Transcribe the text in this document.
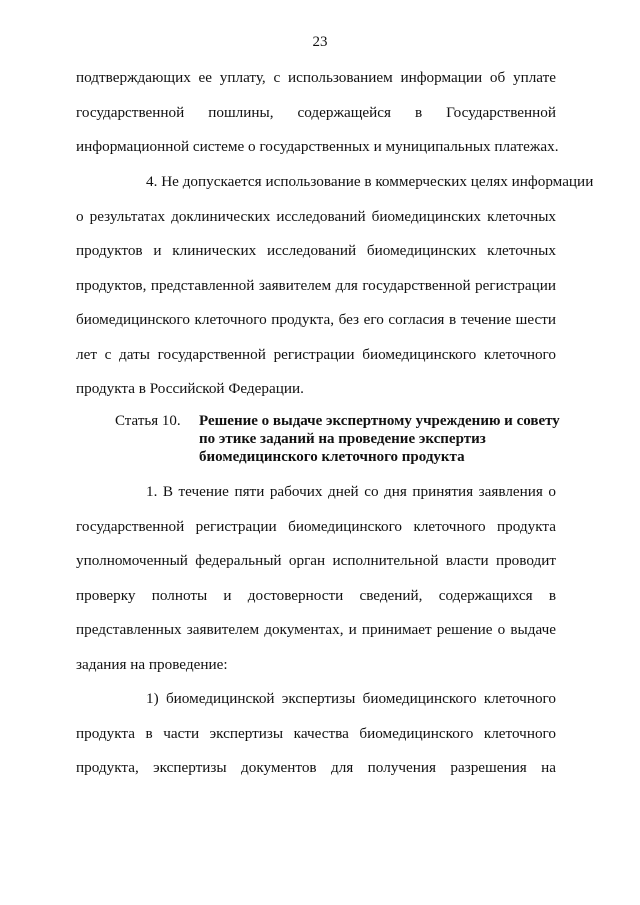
23
подтверждающих ее уплату, с использованием информации об уплате
государственной пошлины, содержащейся в Государственной
информационной системе о государственных и муниципальных платежах.
4. Не допускается использование в коммерческих целях информации
о результатах доклинических исследований биомедицинских клеточных
продуктов и клинических исследований биомедицинских клеточных
продуктов, представленной заявителем для государственной регистрации
биомедицинского клеточного продукта, без его согласия в течение шести
лет с даты государственной регистрации биомедицинского клеточного
продукта в Российской Федерации.
Статья 10. Решение о выдаче экспертному учреждению и совету
по этике заданий на проведение экспертиз
биомедицинского клеточного продукта
1. В течение пяти рабочих дней со дня принятия заявления о
государственной регистрации биомедицинского клеточного продукта
уполномоченный федеральный орган исполнительной власти проводит
проверку полноты и достоверности сведений, содержащихся в
представленных заявителем документах, и принимает решение о выдаче
задания на проведение:
1) биомедицинской экспертизы биомедицинского клеточного
продукта в части экспертизы качества биомедицинского клеточного
продукта, экспертизы документов для получения разрешения на
